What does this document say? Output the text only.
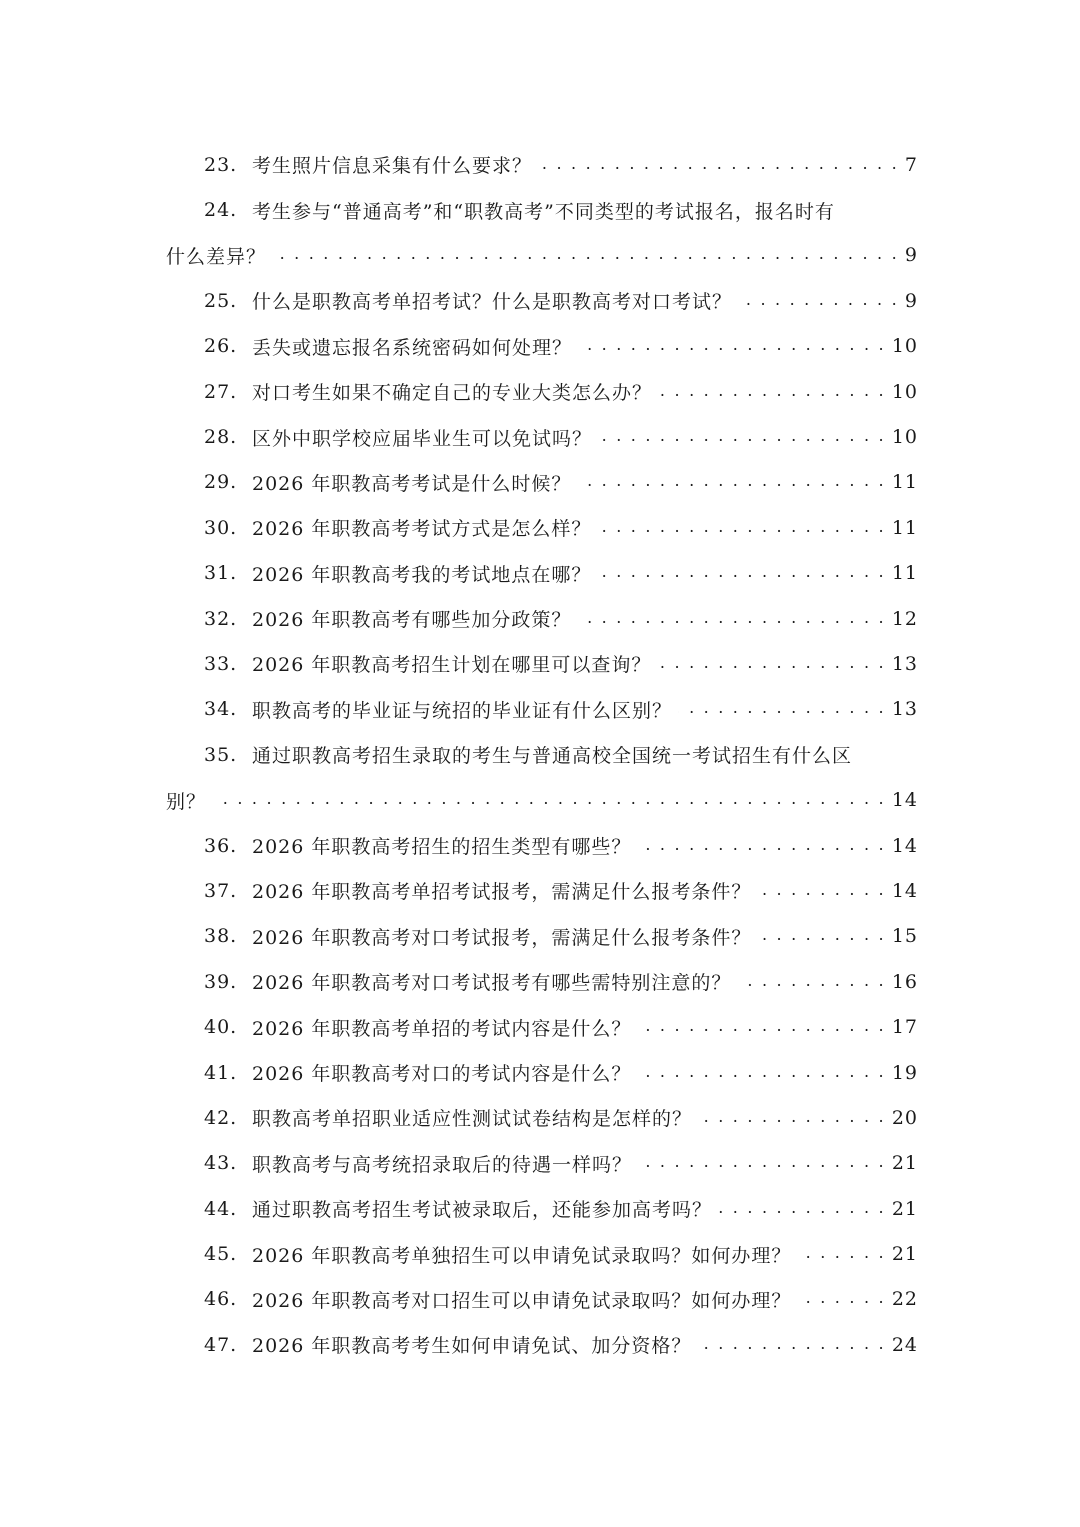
23. 考生照片信息采集有什么要求？ . . .	7
24. 考生参与“普通高考”和“职教高考”不同类型的考试报名，报名时有
什么差异？ . . .	9
25. 什么是职教高考单招考试？什么是职教高考对口考试？ . . .	9
26. 丢失或遗忘报名系统密码如何处理？ . . .	10
27. 对口考生如果不确定自己的专业大类怎么办？ . . .	10
28. 区外中职学校应届毕业生可以免试吗？ . . .	10
29. 2026 年职教高考考试是什么时候？ . . .	11
30. 2026 年职教高考考试方式是怎么样？ . . .	11
31. 2026 年职教高考我的考试地点在哪？ . . .	11
32. 2026 年职教高考有哪些加分政策？ . . .	12
33. 2026 年职教高考招生计划在哪里可以查询？ . . .	13
34. 职教高考的毕业证与统招的毕业证有什么区别？ . . .	13
35. 通过职教高考招生录取的考生与普通高校全国统一考试招生有什么区
别？ . . .	14
36. 2026 年职教高考招生的招生类型有哪些？ . . .	14
37. 2026 年职教高考单招考试报考，需满足什么报考条件？ . . .	14
38. 2026 年职教高考对口考试报考，需满足什么报考条件？ . . .	15
39. 2026 年职教高考对口考试报考有哪些需特别注意的？ . . .	16
40. 2026 年职教高考单招的考试内容是什么？ . . .	17
41. 2026 年职教高考对口的考试内容是什么？ . . .	19
42. 职教高考单招职业适应性测试试卷结构是怎样的？ . . .	20
43. 职教高考与高考统招录取后的待遇一样吗？ . . .	21
44. 通过职教高考招生考试被录取后，还能参加高考吗？ . . .	21
45. 2026 年职教高考单独招生可以申请免试录取吗？如何办理？ . . .	21
46. 2026 年职教高考对口招生可以申请免试录取吗？如何办理？ . . .	22
47. 2026 年职教高考考生如何申请免试、加分资格？ . . .	24
